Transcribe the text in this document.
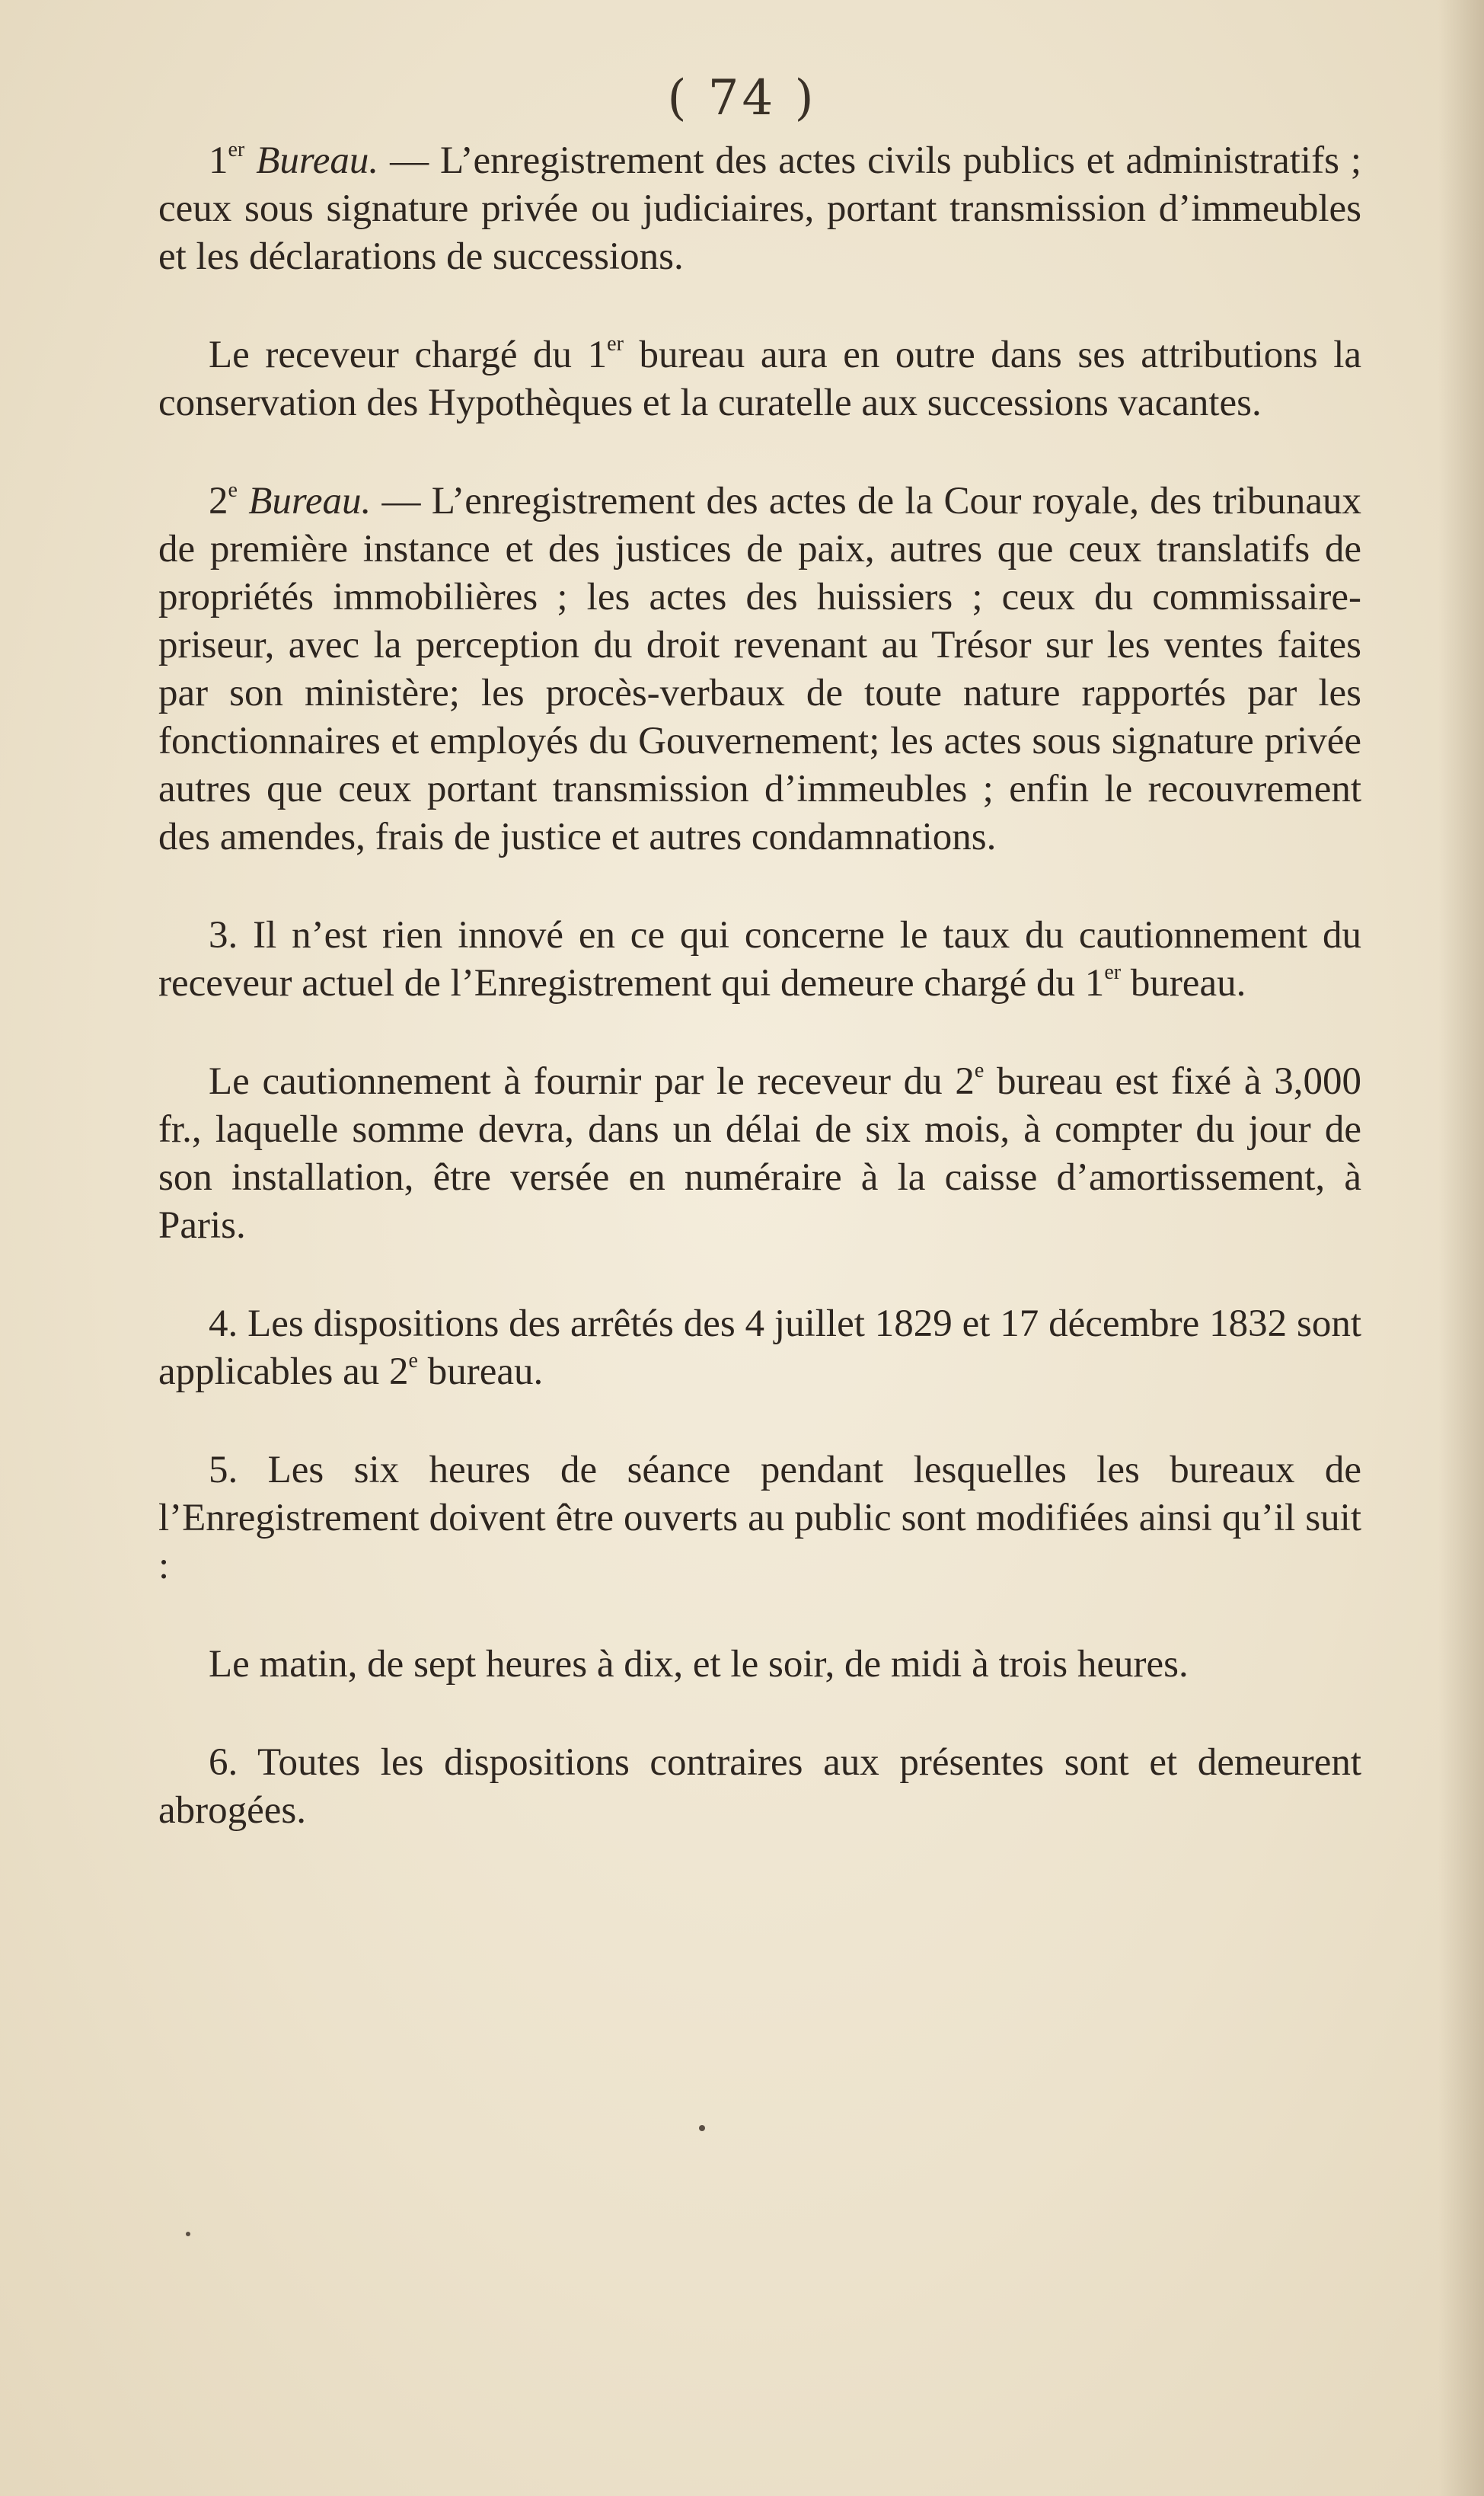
( 74 )

1er Bureau. — L’enregistrement des actes civils publics et administratifs ; ceux sous signature privée ou judiciaires, portant transmission d’immeubles et les déclarations de successions.

Le receveur chargé du 1er bureau aura en outre dans ses attributions la conservation des Hypothèques et la curatelle aux successions vacantes.

2e Bureau. — L’enregistrement des actes de la Cour royale, des tribunaux de première instance et des justices de paix, autres que ceux translatifs de propriétés immobilières ; les actes des huissiers ; ceux du commissaire-priseur, avec la perception du droit revenant au Trésor sur les ventes faites par son ministère; les procès-verbaux de toute nature rapportés par les fonctionnaires et employés du Gouvernement; les actes sous signature privée autres que ceux portant transmission d’immeubles ; enfin le recouvrement des amendes, frais de justice et autres condamnations.

3. Il n’est rien innové en ce qui concerne le taux du cautionnement du receveur actuel de l’Enregistrement qui demeure chargé du 1er bureau.

Le cautionnement à fournir par le receveur du 2e bureau est fixé à 3,000 fr., laquelle somme devra, dans un délai de six mois, à compter du jour de son installation, être versée en numéraire à la caisse d’amortissement, à Paris.

4. Les dispositions des arrêtés des 4 juillet 1829 et 17 décembre 1832 sont applicables au 2e bureau.

5. Les six heures de séance pendant lesquelles les bureaux de l’Enregistrement doivent être ouverts au public sont modifiées ainsi qu’il suit :

Le matin, de sept heures à dix, et le soir, de midi à trois heures.

6. Toutes les dispositions contraires aux présentes sont et demeurent abrogées.
